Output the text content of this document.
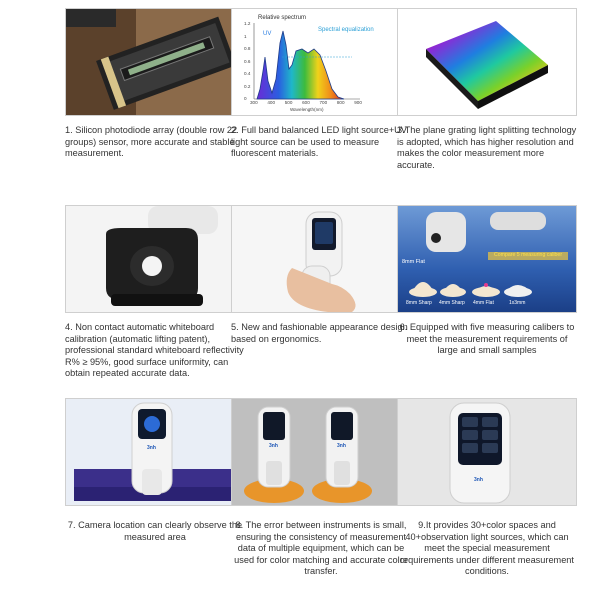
1. Silicon photodiode array (double row 22 groups) sensor, more accurate and stable measurement.
Relative spectrum
UV
Spectral equalization
Wavelength(nm)
300 400 500 600 700 800 900
0
0.2
0.4
0.6
0.8
1
1.2
2. Full band balanced LED light source+UV light source can be used to measure fluorescent materials.
3.The plane grating light splitting technology is adopted, which has higher resolution and makes the color measurement more accurate.
4. Non contact automatic whiteboard calibration (automatic lifting patent), professional standard whiteboard reflectivity R% ≥ 95%, good surface uniformity, can obtain repeated accurate data.
5. New and fashionable appearance design based on ergonomics.
8mm Flat
Compare 5 measuring caliber
8mm Sharp 4mm Sharp 4mm Flat	1x3mm
6. Equipped with five measuring calibers to meet the measurement requirements of large and small samples
3nh
7. Camera location can clearly observe the measured area
3nh	3nh
8. The error between instruments is small, ensuring the consistency of measurement data of multiple equipment, which can be used for color matching and accurate color transfer.
3nh
9.It provides 30+color spaces and 40+observation light sources, which can meet the special measurement requirements under different measurement conditions.
